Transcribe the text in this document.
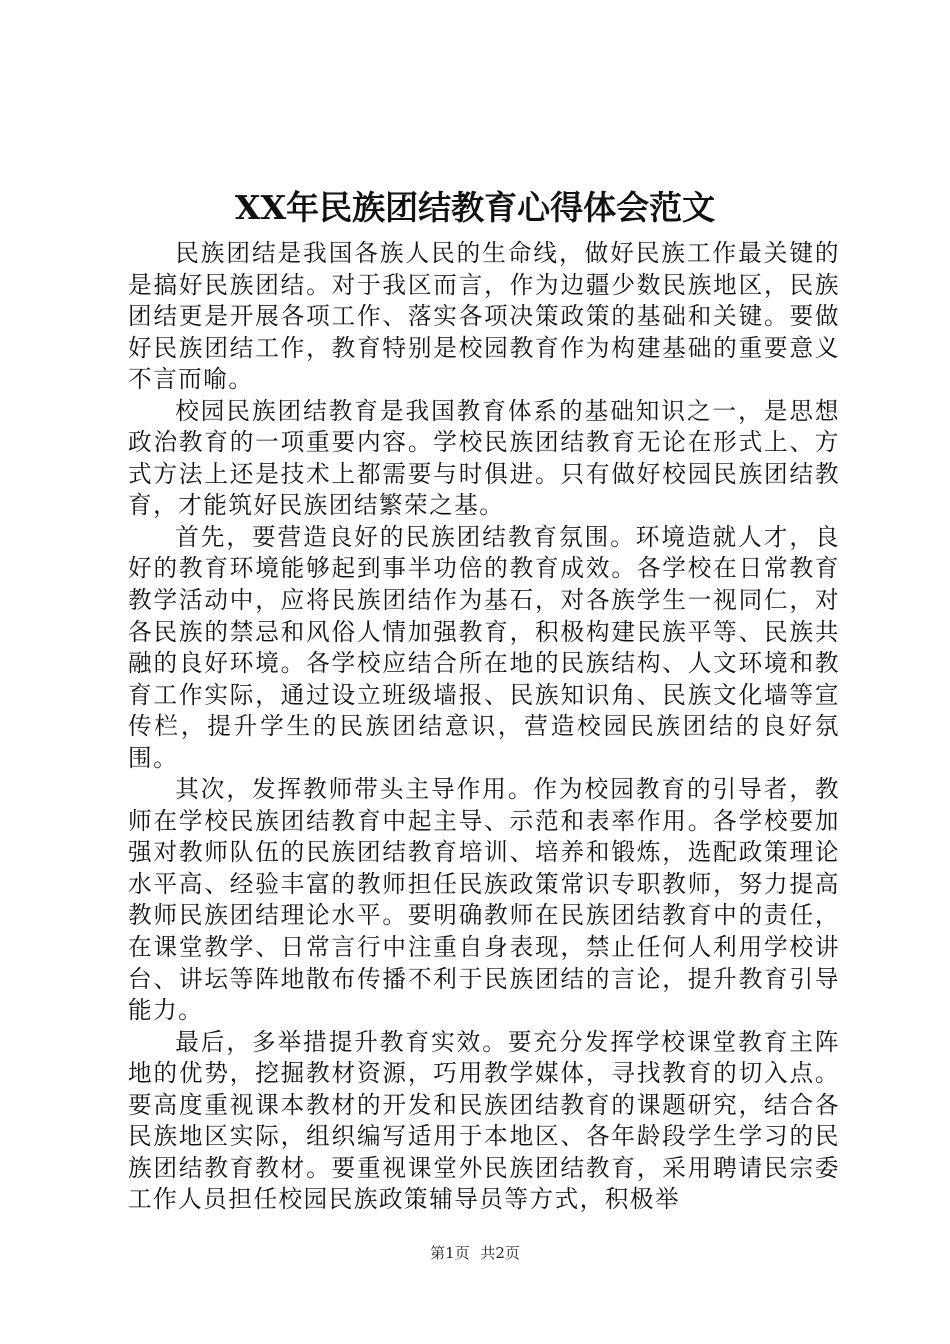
XX年民族团结教育心得体会范文

民族团结是我国各族人民的生命线，做好民族工作最关键的是搞好民族团结。对于我区而言，作为边疆少数民族地区，民族团结更是开展各项工作、落实各项决策政策的基础和关键。要做好民族团结工作，教育特别是校园教育作为构建基础的重要意义不言而喻。

校园民族团结教育是我国教育体系的基础知识之一，是思想政治教育的一项重要内容。学校民族团结教育无论在形式上、方式方法上还是技术上都需要与时俱进。只有做好校园民族团结教育，才能筑好民族团结繁荣之基。

首先，要营造良好的民族团结教育氛围。环境造就人才，良好的教育环境能够起到事半功倍的教育成效。各学校在日常教育教学活动中，应将民族团结作为基石，对各族学生一视同仁，对各民族的禁忌和风俗人情加强教育，积极构建民族平等、民族共融的良好环境。各学校应结合所在地的民族结构、人文环境和教育工作实际，通过设立班级墙报、民族知识角、民族文化墙等宣传栏，提升学生的民族团结意识，营造校园民族团结的良好氛围。

其次，发挥教师带头主导作用。作为校园教育的引导者，教师在学校民族团结教育中起主导、示范和表率作用。各学校要加强对教师队伍的民族团结教育培训、培养和锻炼，选配政策理论水平高、经验丰富的教师担任民族政策常识专职教师，努力提高教师民族团结理论水平。要明确教师在民族团结教育中的责任，在课堂教学、日常言行中注重自身表现，禁止任何人利用学校讲台、讲坛等阵地散布传播不利于民族团结的言论，提升教育引导能力。

最后，多举措提升教育实效。要充分发挥学校课堂教育主阵地的优势，挖掘教材资源，巧用教学媒体，寻找教育的切入点。要高度重视课本教材的开发和民族团结教育的课题研究，结合各民族地区实际，组织编写适用于本地区、各年龄段学生学习的民族团结教育教材。要重视课堂外民族团结教育，采用聘请民宗委工作人员担任校园民族政策辅导员等方式，积极举

第1页 共2页
